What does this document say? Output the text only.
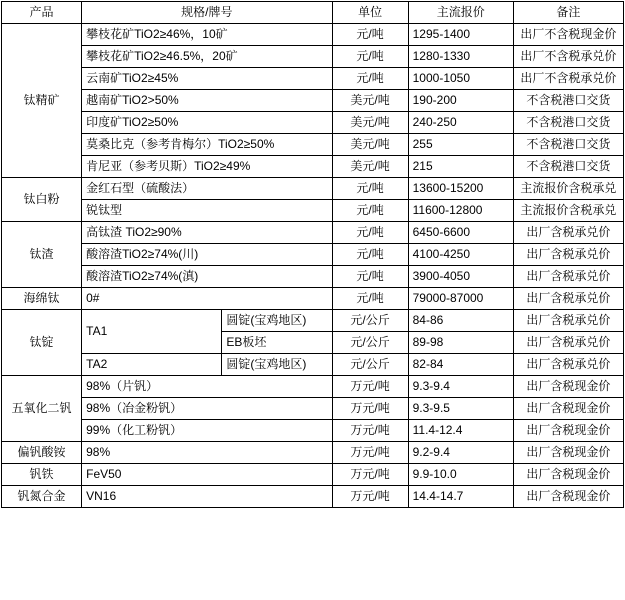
产品	规格/牌号		单位	主流报价	备注
钛精矿	攀枝花矿TiO2≥46%，10矿		元/吨	1295-1400	出厂不含税现金价
	攀枝花矿TiO2≥46.5%，20矿		元/吨	1280-1330	出厂不含税承兑价
	云南矿TiO2≥45%		元/吨	1000-1050	出厂不含税承兑价
	越南矿TiO2>50%		美元/吨	190-200	不含税港口交货
	印度矿TiO2≥50%		美元/吨	240-250	不含税港口交货
	莫桑比克（参考肯梅尔）TiO2≥50%		美元/吨	255	不含税港口交货
	肯尼亚（参考贝斯）TiO2≥49%		美元/吨	215	不含税港口交货
钛白粉	金红石型（硫酸法）		元/吨	13600-15200	主流报价含税承兑
	锐钛型		元/吨	11600-12800	主流报价含税承兑
钛渣	高钛渣 TiO2≥90%		元/吨	6450-6600	出厂含税承兑价
	酸溶渣TiO2≥74%(川)		元/吨	4100-4250	出厂含税承兑价
	酸溶渣TiO2≥74%(滇)		元/吨	3900-4050	出厂含税承兑价
海绵钛	0#		元/吨	79000-87000	出厂含税承兑价
钛锭	TA1	圆锭(宝鸡地区)	元/公斤	84-86	出厂含税承兑价
		EB板坯	元/公斤	89-98	出厂含税承兑价
	TA2	圆锭(宝鸡地区)	元/公斤	82-84	出厂含税承兑价
五氧化二钒	98%（片钒）		万元/吨	9.3-9.4	出厂含税现金价
	98%（冶金粉钒）		万元/吨	9.3-9.5	出厂含税现金价
	99%（化工粉钒）		万元/吨	11.4-12.4	出厂含税现金价
偏钒酸铵	98%		万元/吨	9.2-9.4	出厂含税现金价
钒铁	FeV50		万元/吨	9.9-10.0	出厂含税现金价
钒氮合金	VN16		万元/吨	14.4-14.7	出厂含税现金价
